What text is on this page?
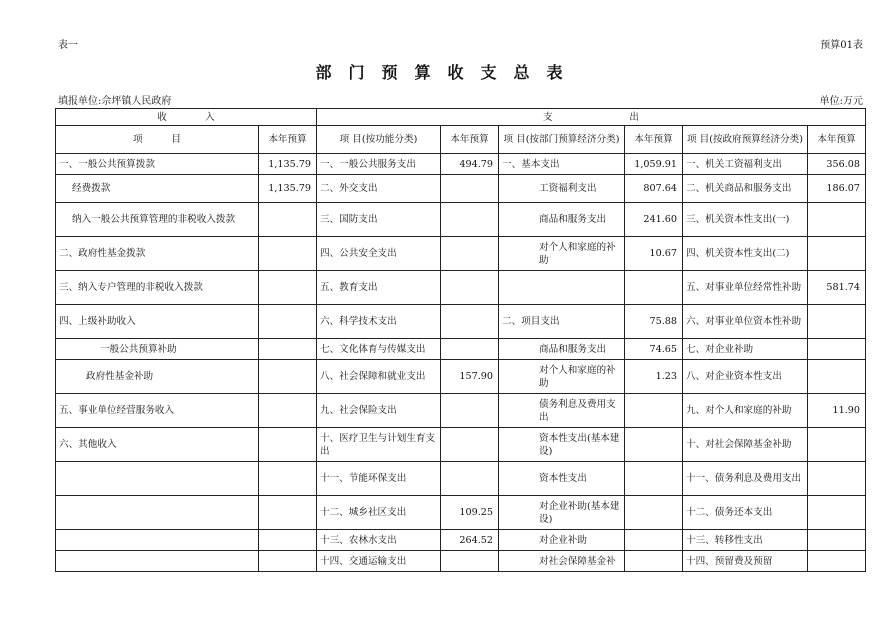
表一	预算01表
部门预算收支总表
填报单位:佘坪镇人民政府	单位:万元
收　　　　入		支　　　　　　　　出					
项　　　目	本年预算	项 目(按功能分类)	本年预算	项 目(按部门预算经济分类)	本年预算	项 目(按政府预算经济分类)	本年预算
一、一般公共预算拨款	1,135.79	一、一般公共服务支出	494.79	一、基本支出	1,059.91	一、机关工资福利支出	356.08
经费拨款	1,135.79	二、外交支出		工资福利支出	807.64	二、机关商品和服务支出	186.07
纳入一般公共预算管理的非税收入拨款		三、国防支出		商品和服务支出	241.60	三、机关资本性支出(一)	
二、政府性基金拨款		四、公共安全支出		对个人和家庭的补助	10.67	四、机关资本性支出(二)	
三、纳入专户管理的非税收入拨款		五、教育支出				五、对事业单位经常性补助	581.74
四、上级补助收入		六、科学技术支出		二、项目支出	75.88	六、对事业单位资本性补助	
一般公共预算补助		七、文化体育与传媒支出		商品和服务支出	74.65	七、对企业补助	
政府性基金补助		八、社会保障和就业支出	157.90	对个人和家庭的补助	1.23	八、对企业资本性支出	
五、事业单位经营服务收入		九、社会保险支出		债务利息及费用支出		九、对个人和家庭的补助	11.90
六、其他收入		十、医疗卫生与计划生育支出		资本性支出(基本建设)		十、对社会保障基金补助	
		十一、节能环保支出		资本性支出		十一、债务利息及费用支出	
		十二、城乡社区支出	109.25	对企业补助(基本建设)		十二、债务还本支出	
		十三、农林水支出	264.52	对企业补助		十三、转移性支出	
		十四、交通运输支出		对社会保障基金补		十四、预留费及预留	
